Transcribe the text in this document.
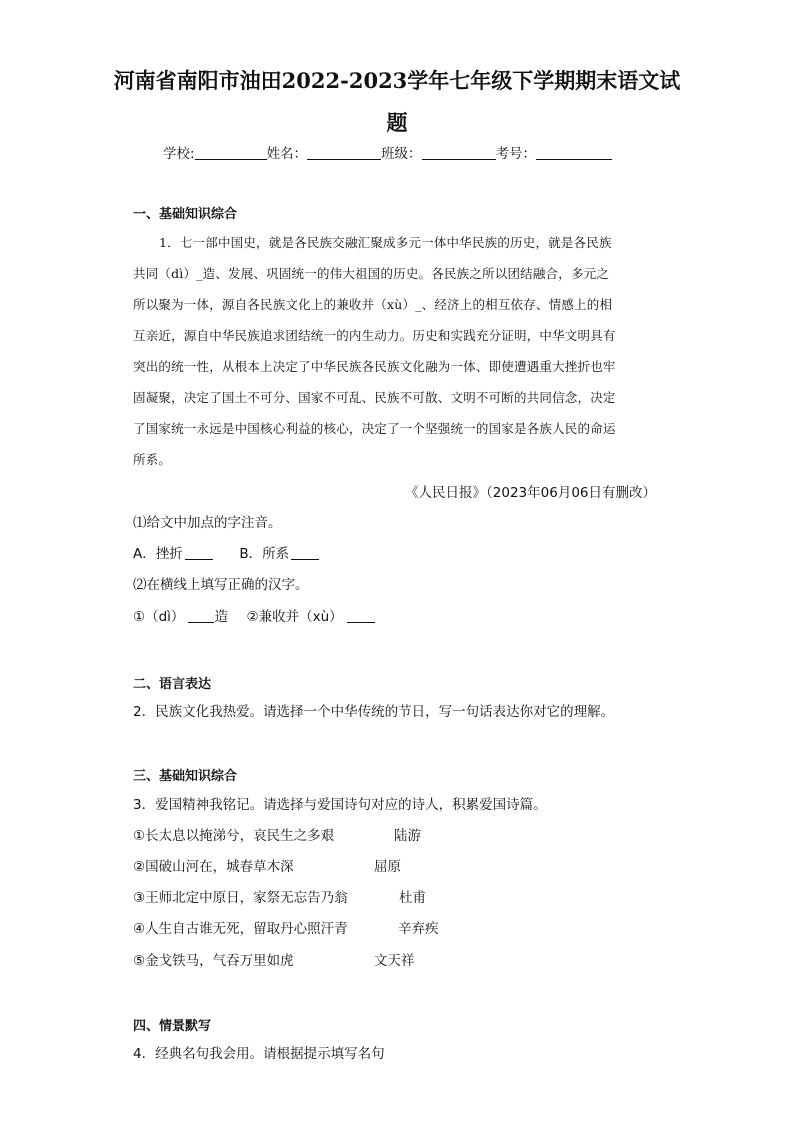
河南省南阳市油田2022-2023学年七年级下学期期末语文试
题
学校:	姓名：	班级：	考号：
一、基础知识综合
1．七一部中国史，就是各民族交融汇聚成多元一体中华民族的历史，就是各民族
共同（dì）_造、发展、巩固统一的伟大祖国的历史。各民族之所以团结融合，多元之
所以聚为一体，源自各民族文化上的兼收并（xù）_、经济上的相互依存、情感上的相
互亲近，源自中华民族追求团结统一的内生动力。历史和实践充分证明，中华文明具有
突出的统一性，从根本上决定了中华民族各民族文化融为一体、即使遭遇重大挫折也牢
固凝聚，决定了国土不可分、国家不可乱、民族不可散、文明不可断的共同信念，决定
了国家统一永远是中国核心利益的核心，决定了一个坚强统一的国家是各族人民的命运
所系。
《人民日报》（2023年06月06日有删改）
⑴给文中加点的字注音。
A．挫折	B．所系
⑵在横线上填写正确的汉字。
①（dì） 造 ②兼收并（xù）
二、语言表达
2．民族文化我热爱。请选择一个中华传统的节日，写一句话表达你对它的理解。
三、基础知识综合
3．爱国精神我铭记。请选择与爱国诗句对应的诗人，积累爱国诗篇。
①长太息以掩涕兮，哀民生之多艰	陆游
②国破山河在，城春草木深	屈原
③王师北定中原日，家祭无忘告乃翁	杜甫
④人生自古谁无死，留取丹心照汗青	辛弃疾
⑤金戈铁马，气吞万里如虎	文天祥
四、情景默写
4．经典名句我会用。请根据提示填写名句
